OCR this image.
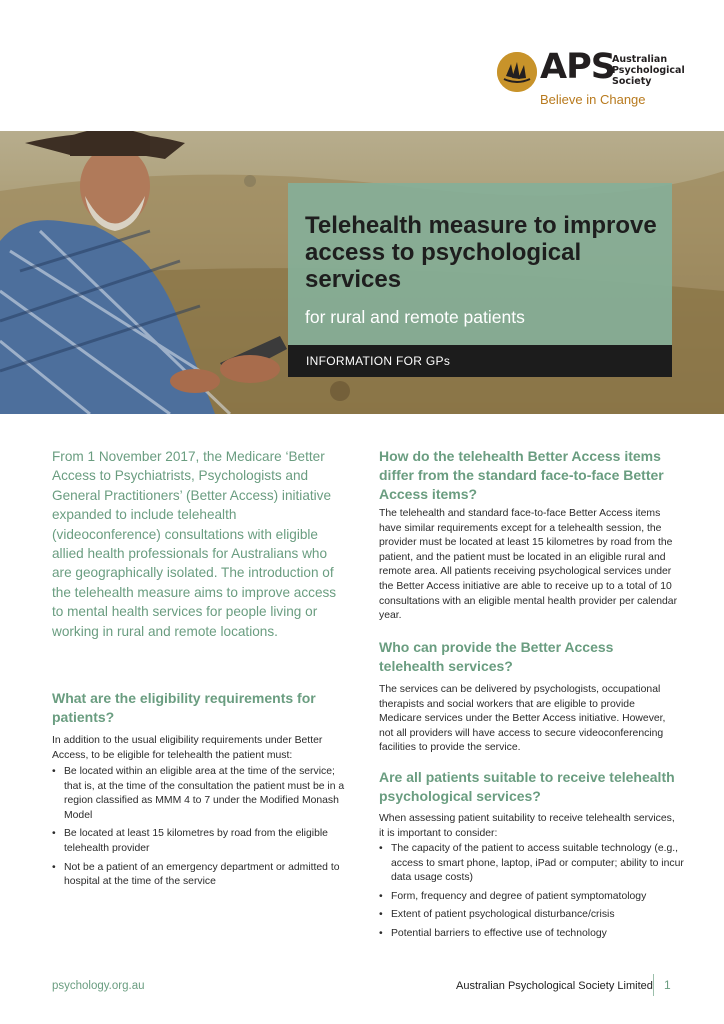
APS
Australian Psychological Society
Believe in Change
Telehealth measure to improve access to psychological services
for rural and remote patients
INFORMATION FOR GPs
From 1 November 2017, the Medicare ‘Better Access to Psychiatrists, Psychologists and General Practitioners’ (Better Access) initiative expanded to include telehealth (videoconference) consultations with eligible allied health professionals for Australians who are geographically isolated. The introduction of the telehealth measure aims to improve access to mental health services for people living or working in rural and remote locations.
What are the eligibility requirements for patients?
In addition to the usual eligibility requirements under Better Access, to be eligible for telehealth the patient must:
• Be located within an eligible area at the time of the service; that is, at the time of the consultation the patient must be in a region classified as MMM 4 to 7 under the Modified Monash Model
• Be located at least 15 kilometres by road from the eligible telehealth provider
• Not be a patient of an emergency department or admitted to hospital at the time of the service
How do the telehealth Better Access items differ from the standard face-to-face Better Access items?
The telehealth and standard face-to-face Better Access items have similar requirements except for a telehealth session, the provider must be located at least 15 kilometres by road from the patient, and the patient must be located in an eligible rural and remote area. All patients receiving psychological services under the Better Access initiative are able to receive up to a total of 10 consultations with an eligible mental health provider per calendar year.
Who can provide the Better Access telehealth services?
The services can be delivered by psychologists, occupational therapists and social workers that are eligible to provide Medicare services under the Better Access initiative. However, not all providers will have access to secure videoconferencing facilities to provide the service.
Are all patients suitable to receive telehealth psychological services?
When assessing patient suitability to receive telehealth services, it is important to consider:
• The capacity of the patient to access suitable technology (e.g., access to smart phone, laptop, iPad or computer; ability to incur data usage costs)
• Form, frequency and degree of patient symptomatology
• Extent of patient psychological disturbance/crisis
• Potential barriers to effective use of technology
psychology.org.au	Australian Psychological Society Limited 1
